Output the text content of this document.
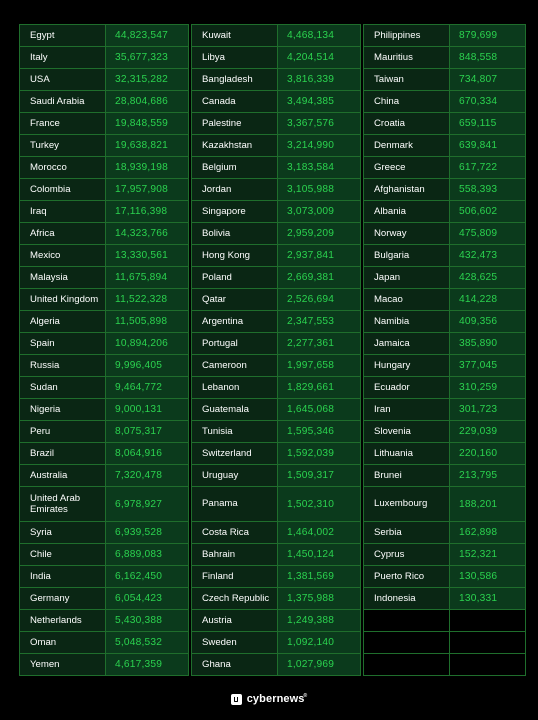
Egypt	44,823,547
Italy	35,677,323
USA	32,315,282
Saudi Arabia	28,804,686
France	19,848,559
Turkey	19,638,821
Morocco	18,939,198
Colombia	17,957,908
Iraq	17,116,398
Africa	14,323,766
Mexico	13,330,561
Malaysia	11,675,894
United Kingdom	11,522,328
Algeria	11,505,898
Spain	10,894,206
Russia	9,996,405
Sudan	9,464,772
Nigeria	9,000,131
Peru	8,075,317
Brazil	8,064,916
Australia	7,320,478
United Arab Emirates	6,978,927
Syria	6,939,528
Chile	6,889,083
India	6,162,450
Germany	6,054,423
Netherlands	5,430,388
Oman	5,048,532
Yemen	4,617,359
Kuwait	4,468,134
Libya	4,204,514
Bangladesh	3,816,339
Canada	3,494,385
Palestine	3,367,576
Kazakhstan	3,214,990
Belgium	3,183,584
Jordan	3,105,988
Singapore	3,073,009
Bolivia	2,959,209
Hong Kong	2,937,841
Poland	2,669,381
Qatar	2,526,694
Argentina	2,347,553
Portugal	2,277,361
Cameroon	1,997,658
Lebanon	1,829,661
Guatemala	1,645,068
Tunisia	1,595,346
Switzerland	1,592,039
Uruguay	1,509,317
Panama	1,502,310
Costa Rica	1,464,002
Bahrain	1,450,124
Finland	1,381,569
Czech Republic	1,375,988
Austria	1,249,388
Sweden	1,092,140
Ghana	1,027,969
Philippines	879,699
Mauritius	848,558
Taiwan	734,807
China	670,334
Croatia	659,115
Denmark	639,841
Greece	617,722
Afghanistan	558,393
Albania	506,602
Norway	475,809
Bulgaria	432,473
Japan	428,625
Macao	414,228
Namibia	409,356
Jamaica	385,890
Hungary	377,045
Ecuador	310,259
Iran	301,723
Slovenia	229,039
Lithuania	220,160
Brunei	213,795
Luxembourg	188,201
Serbia	162,898
Cyprus	152,321
Puerto Rico	130,586
Indonesia	130,331
cybernews®
